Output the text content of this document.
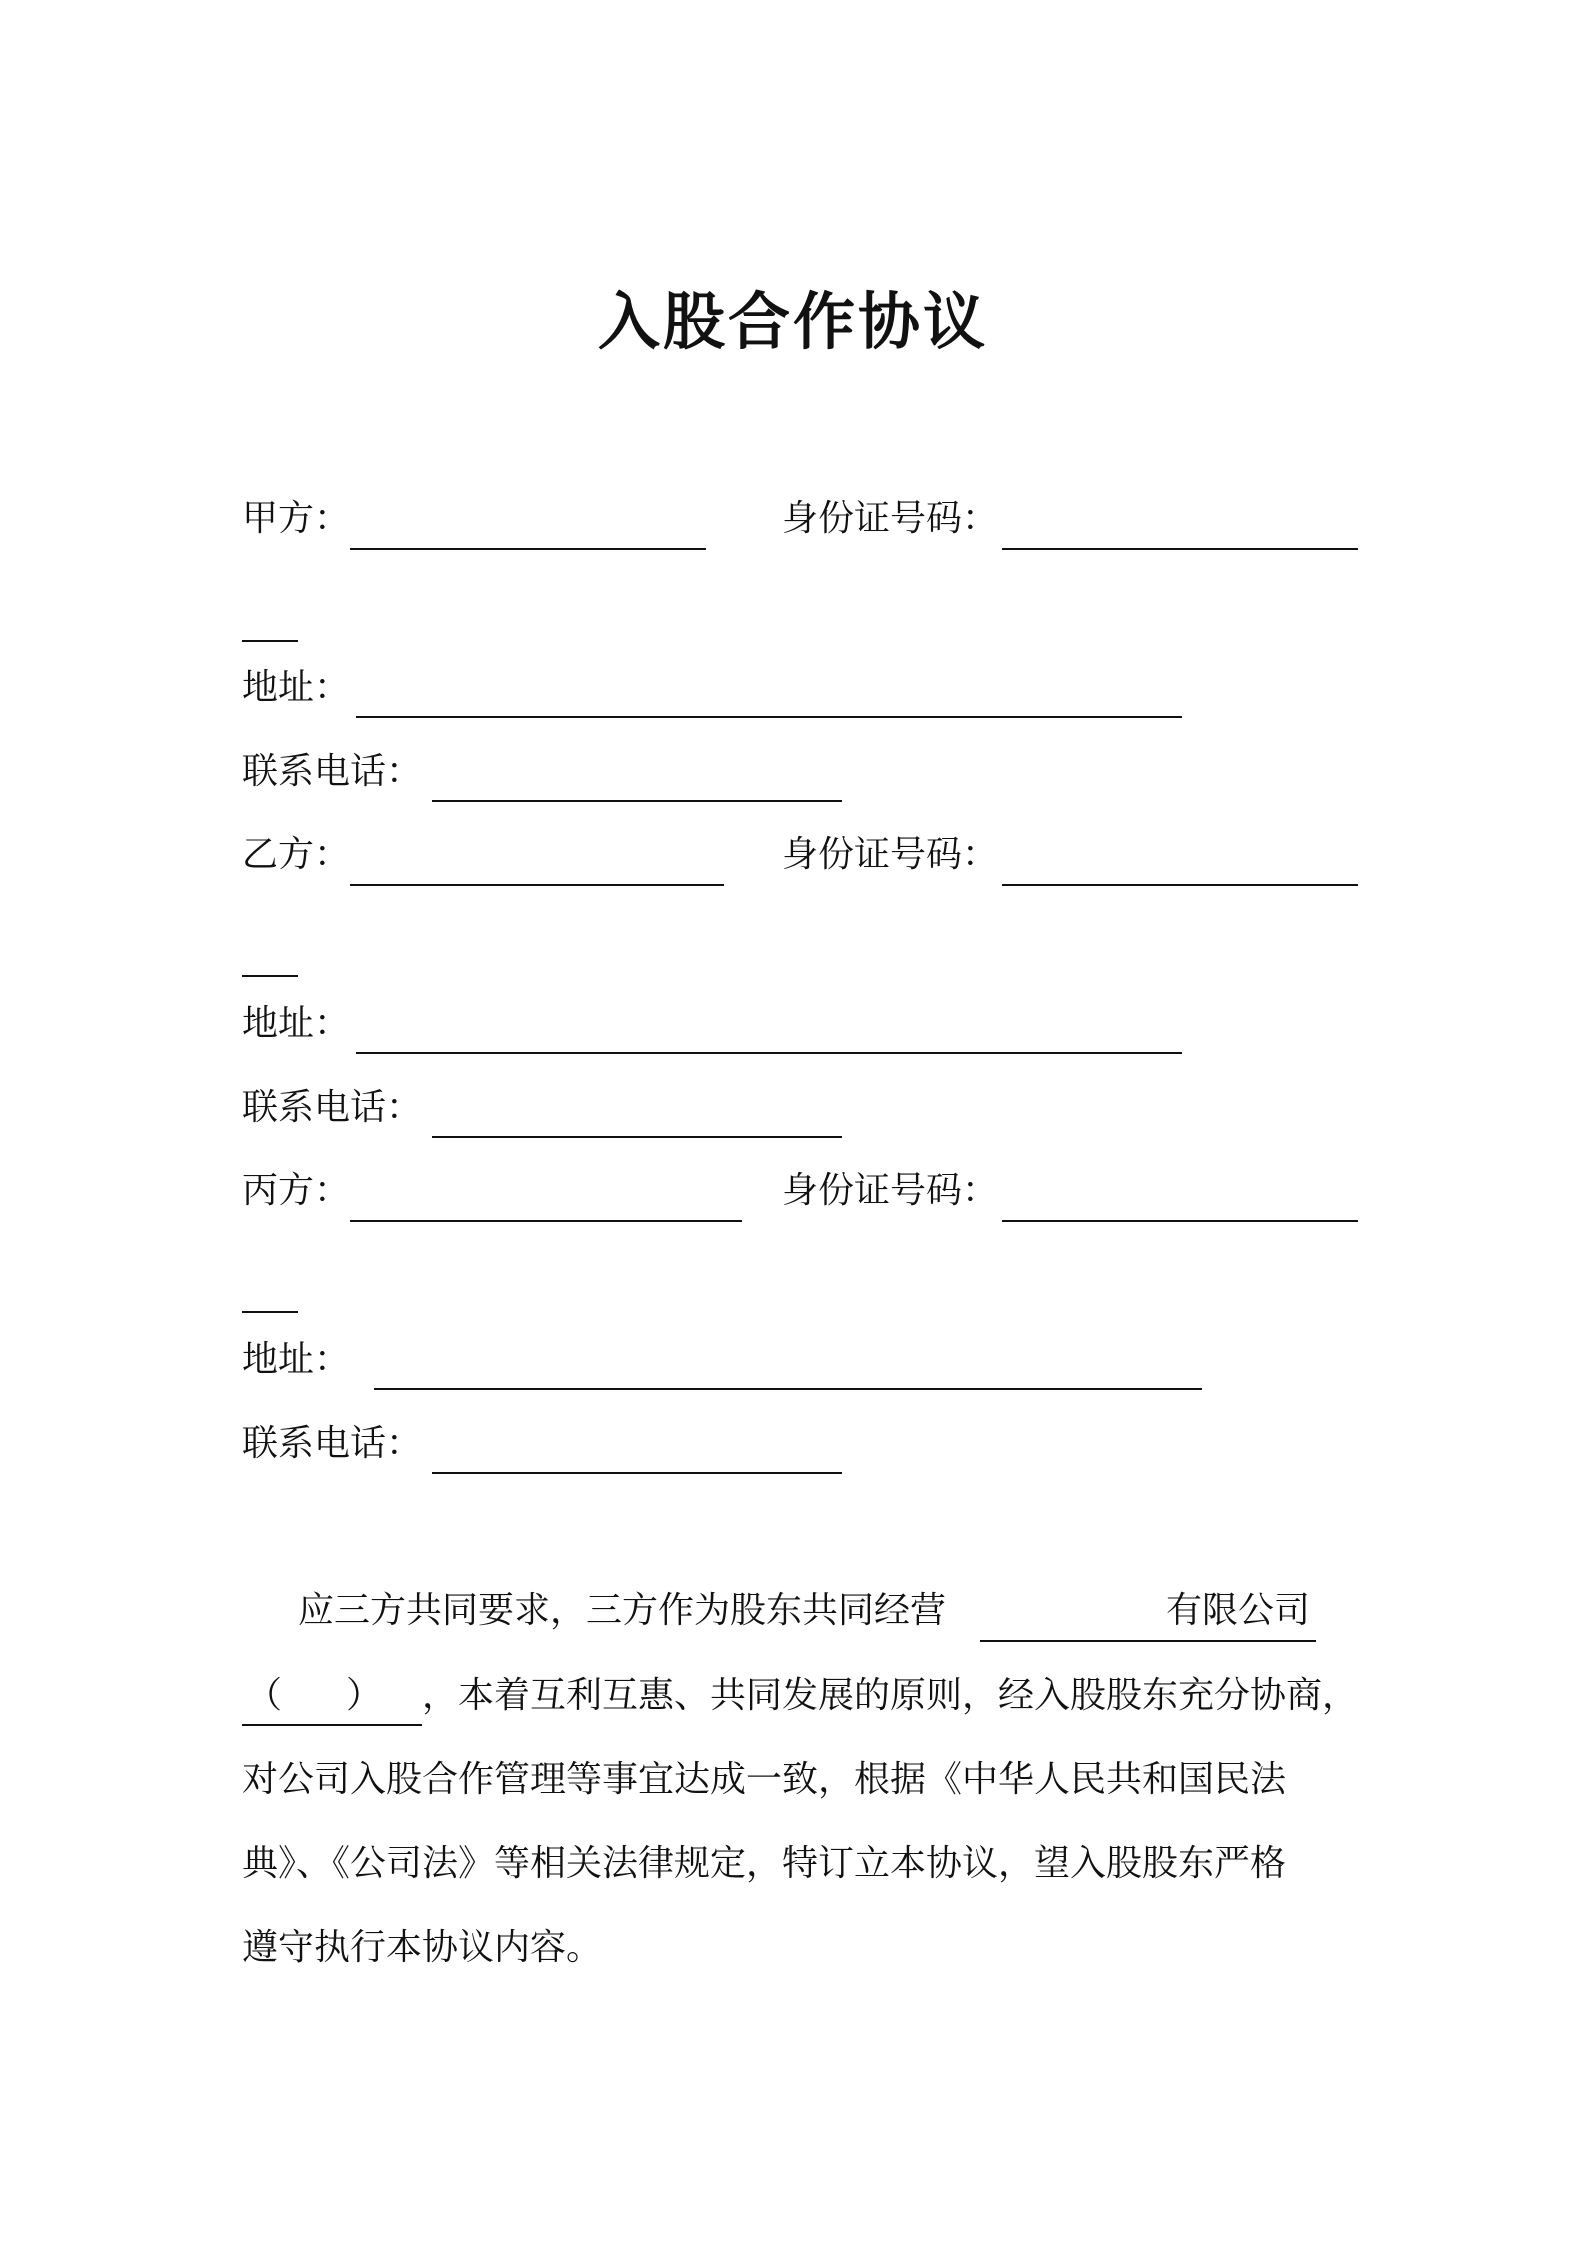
入股合作协议
甲方：	身份证号码：
地址：
联系电话：
乙方：	身份证号码：
地址：
联系电话：
丙方：	身份证号码：
地址：
联系电话：
应三方共同要求，三方作为股东共同经营	有限公司
（ ） ，本着互利互惠、共同发展的原则，经入股股东充分协商，
对公司入股合作管理等事宜达成一致，根据《中华人民共和国民法
典》、《公司法》等相关法律规定，特订立本协议，望入股股东严格
遵守执行本协议内容。
